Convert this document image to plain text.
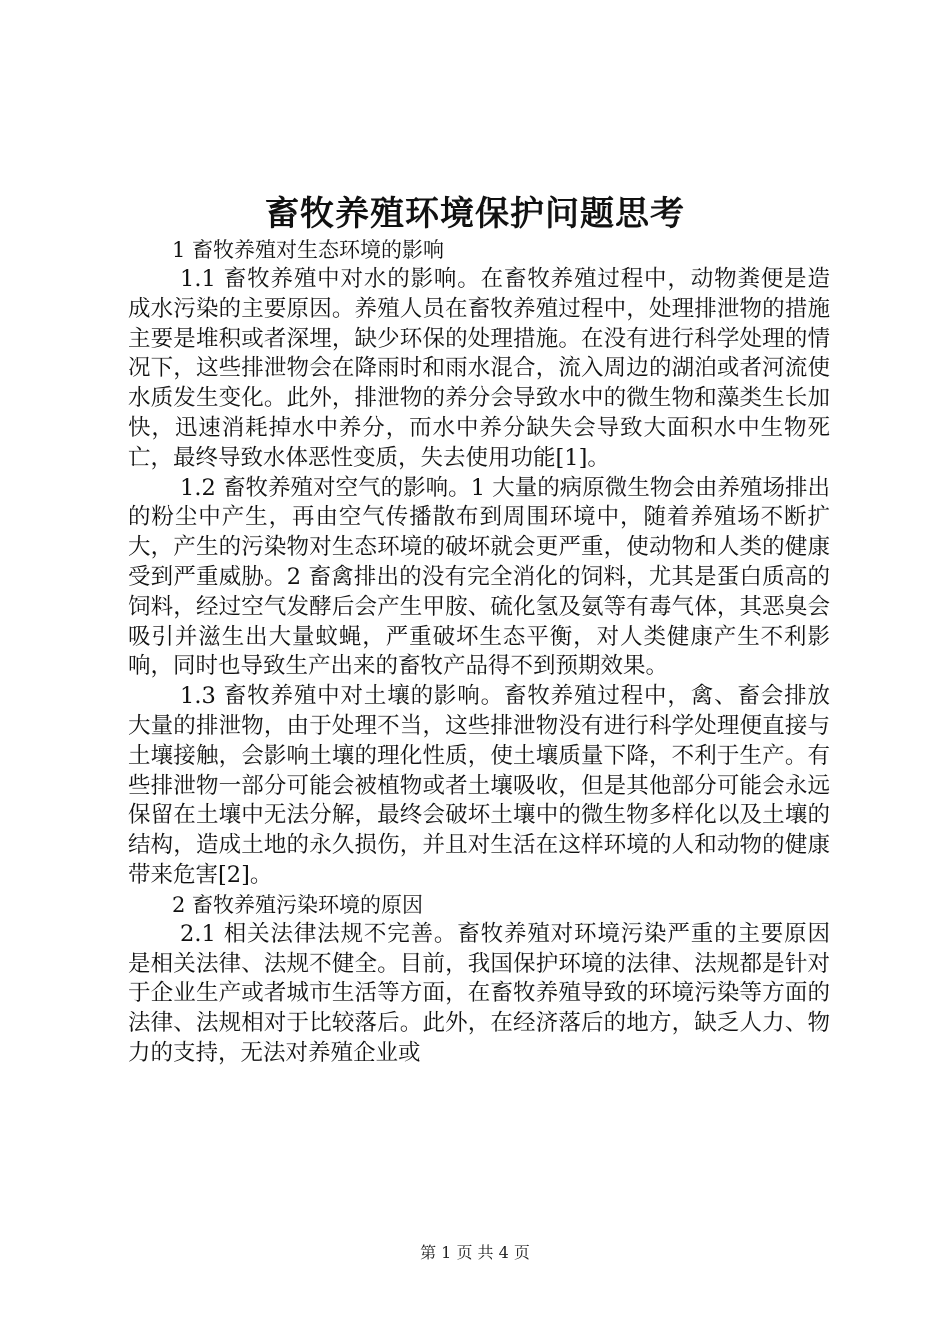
畜牧养殖环境保护问题思考

1 畜牧养殖对生态环境的影响

1.1 畜牧养殖中对水的影响。在畜牧养殖过程中，动物粪便是造成水污染的主要原因。养殖人员在畜牧养殖过程中，处理排泄物的措施主要是堆积或者深埋，缺少环保的处理措施。在没有进行科学处理的情况下，这些排泄物会在降雨时和雨水混合，流入周边的湖泊或者河流使水质发生变化。此外，排泄物的养分会导致水中的微生物和藻类生长加快，迅速消耗掉水中养分，而水中养分缺失会导致大面积水中生物死亡，最终导致水体恶性变质，失去使用功能[1]。

1.2 畜牧养殖对空气的影响。1 大量的病原微生物会由养殖场排出的粉尘中产生，再由空气传播散布到周围环境中，随着养殖场不断扩大，产生的污染物对生态环境的破坏就会更严重，使动物和人类的健康受到严重威胁。2 畜禽排出的没有完全消化的饲料，尤其是蛋白质高的饲料，经过空气发酵后会产生甲胺、硫化氢及氨等有毒气体，其恶臭会吸引并滋生出大量蚊蝇，严重破坏生态平衡，对人类健康产生不利影响，同时也导致生产出来的畜牧产品得不到预期效果。

1.3 畜牧养殖中对土壤的影响。畜牧养殖过程中，禽、畜会排放大量的排泄物，由于处理不当，这些排泄物没有进行科学处理便直接与土壤接触，会影响土壤的理化性质，使土壤质量下降，不利于生产。有些排泄物一部分可能会被植物或者土壤吸收，但是其他部分可能会永远保留在土壤中无法分解，最终会破坏土壤中的微生物多样化以及土壤的结构，造成土地的永久损伤，并且对生活在这样环境的人和动物的健康带来危害[2]。

2 畜牧养殖污染环境的原因

2.1 相关法律法规不完善。畜牧养殖对环境污染严重的主要原因是相关法律、法规不健全。目前，我国保护环境的法律、法规都是针对于企业生产或者城市生活等方面，在畜牧养殖导致的环境污染等方面的法律、法规相对于比较落后。此外，在经济落后的地方，缺乏人力、物力的支持，无法对养殖企业或

第 1 页 共 4 页
